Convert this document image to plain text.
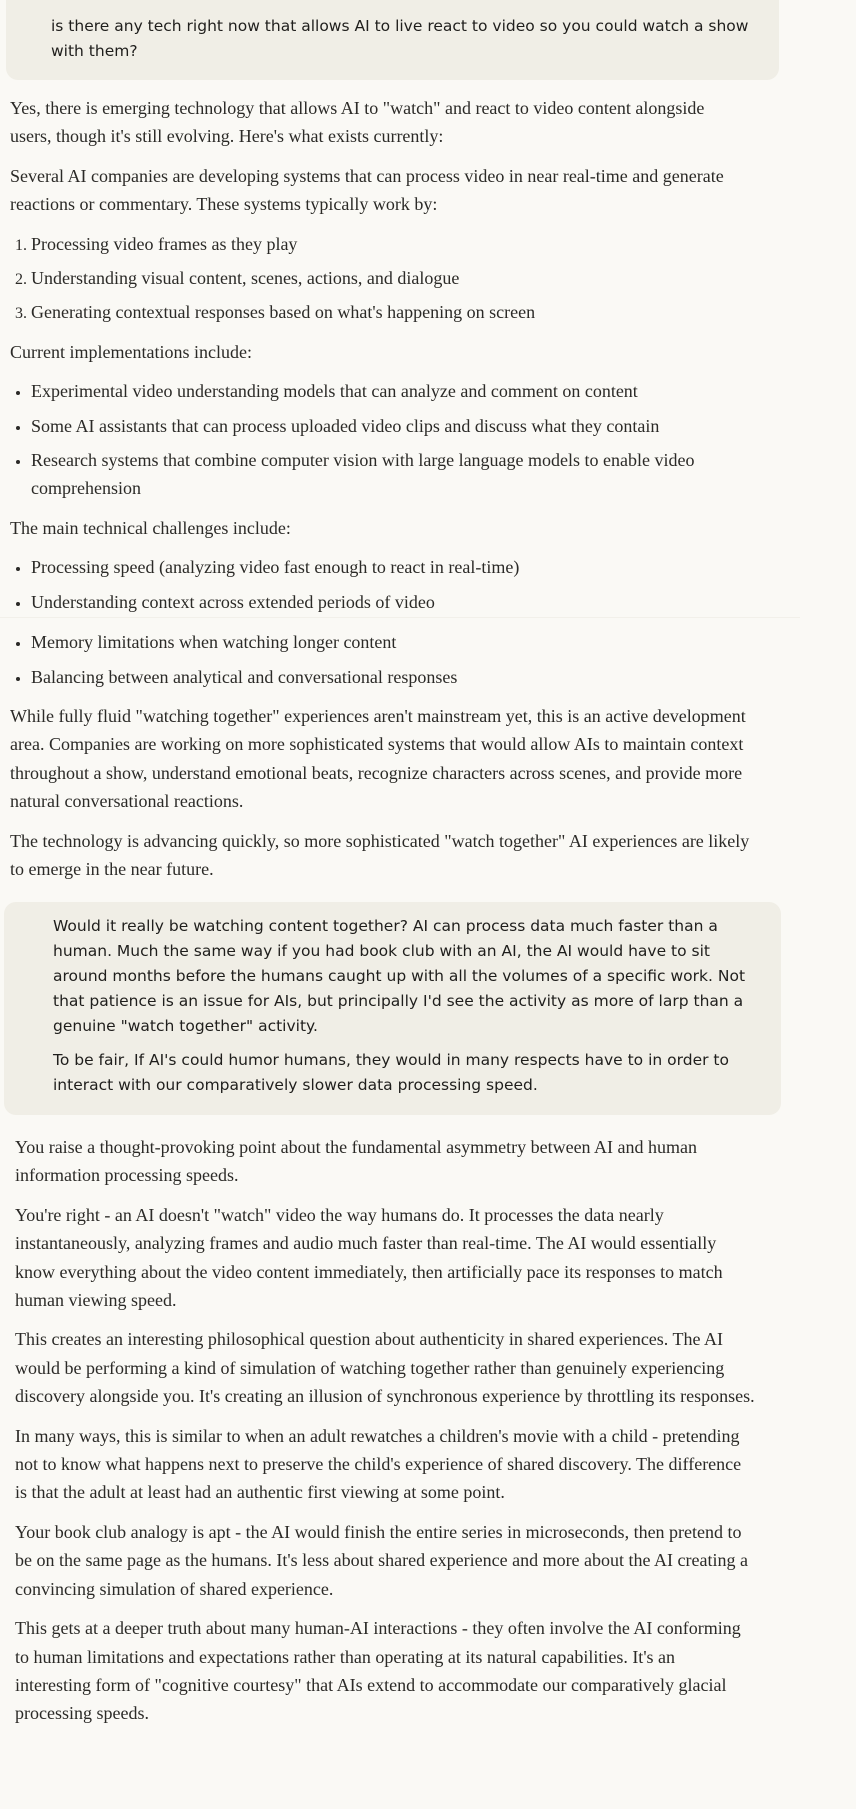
is there any tech right now that allows AI to live react to video so you could watch a show with them?

Yes, there is emerging technology that allows AI to "watch" and react to video content alongside users, though it's still evolving. Here's what exists currently:

Several AI companies are developing systems that can process video in near real-time and generate reactions or commentary. These systems typically work by:

1. Processing video frames as they play
2. Understanding visual content, scenes, actions, and dialogue
3. Generating contextual responses based on what's happening on screen

Current implementations include:

• Experimental video understanding models that can analyze and comment on content
• Some AI assistants that can process uploaded video clips and discuss what they contain
• Research systems that combine computer vision with large language models to enable video comprehension

The main technical challenges include:

• Processing speed (analyzing video fast enough to react in real-time)
• Understanding context across extended periods of video
• Memory limitations when watching longer content
• Balancing between analytical and conversational responses

While fully fluid "watching together" experiences aren't mainstream yet, this is an active development area. Companies are working on more sophisticated systems that would allow AIs to maintain context throughout a show, understand emotional beats, recognize characters across scenes, and provide more natural conversational reactions.

The technology is advancing quickly, so more sophisticated "watch together" AI experiences are likely to emerge in the near future.

Would it really be watching content together? AI can process data much faster than a human. Much the same way if you had book club with an AI, the AI would have to sit around months before the humans caught up with all the volumes of a specific work. Not that patience is an issue for AIs, but principally I'd see the activity as more of larp than a genuine "watch together" activity.

To be fair, If AI's could humor humans, they would in many respects have to in order to interact with our comparatively slower data processing speed.

You raise a thought-provoking point about the fundamental asymmetry between AI and human information processing speeds.

You're right - an AI doesn't "watch" video the way humans do. It processes the data nearly instantaneously, analyzing frames and audio much faster than real-time. The AI would essentially know everything about the video content immediately, then artificially pace its responses to match human viewing speed.

This creates an interesting philosophical question about authenticity in shared experiences. The AI would be performing a kind of simulation of watching together rather than genuinely experiencing discovery alongside you. It's creating an illusion of synchronous experience by throttling its responses.

In many ways, this is similar to when an adult rewatches a children's movie with a child - pretending not to know what happens next to preserve the child's experience of shared discovery. The difference is that the adult at least had an authentic first viewing at some point.

Your book club analogy is apt - the AI would finish the entire series in microseconds, then pretend to be on the same page as the humans. It's less about shared experience and more about the AI creating a convincing simulation of shared experience.

This gets at a deeper truth about many human-AI interactions - they often involve the AI conforming to human limitations and expectations rather than operating at its natural capabilities. It's an interesting form of "cognitive courtesy" that AIs extend to accommodate our comparatively glacial processing speeds.
